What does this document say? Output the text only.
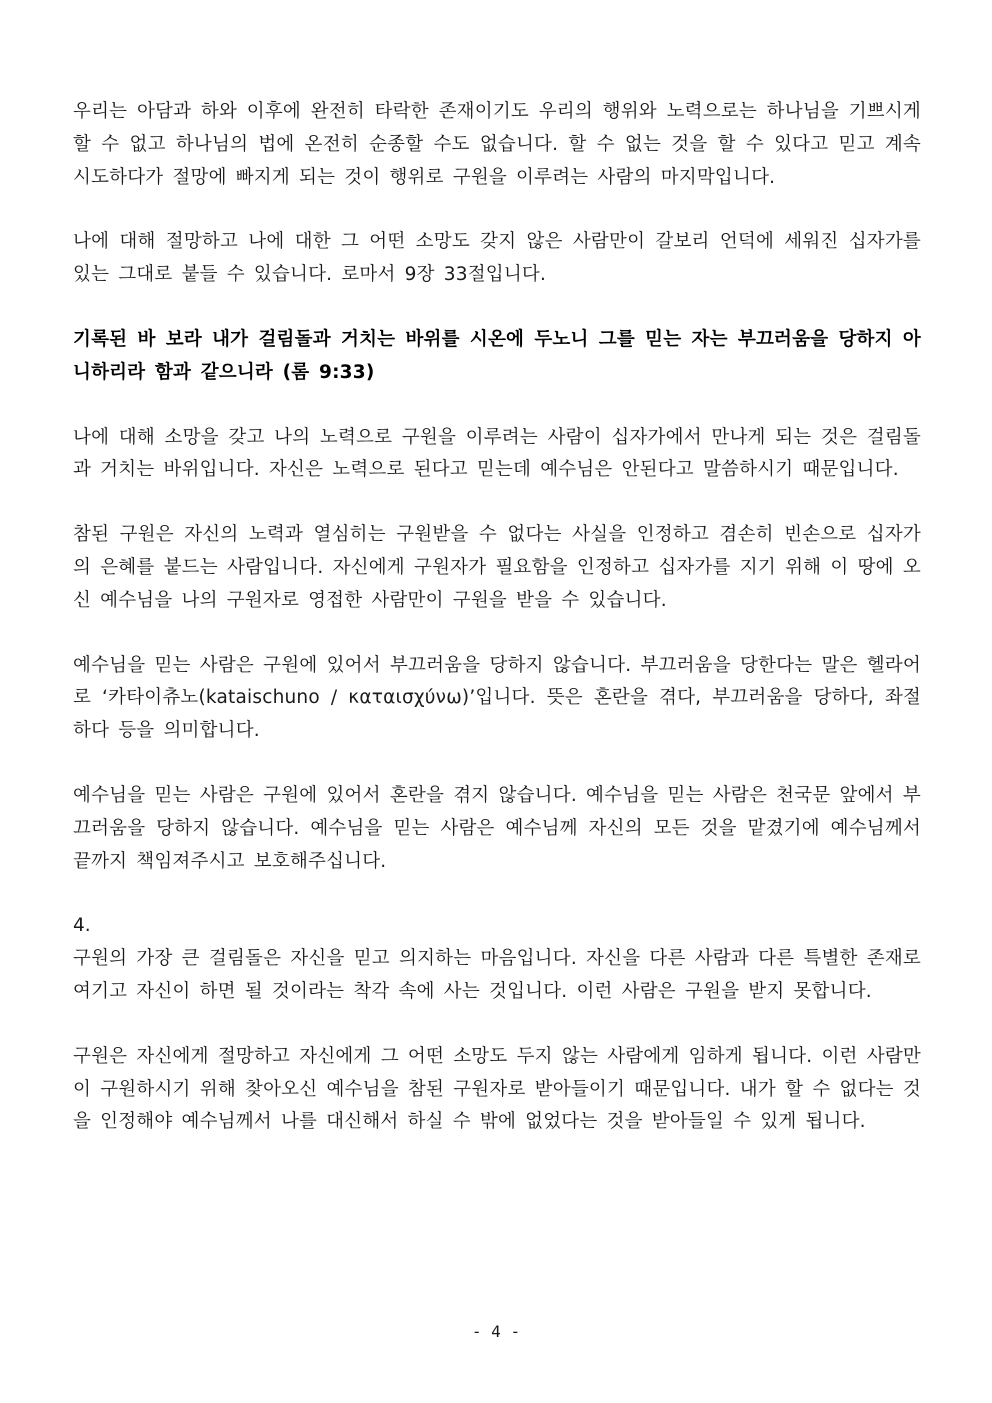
우리는 아담과 하와 이후에 완전히 타락한 존재이기도 우리의 행위와 노력으로는 하나님을 기쁘시게 할 수 없고 하나님의 법에 온전히 순종할 수도 없습니다. 할 수 없는 것을 할 수 있다고 믿고 계속 시도하다가 절망에 빠지게 되는 것이 행위로 구원을 이루려는 사람의 마지막입니다.

나에 대해 절망하고 나에 대한 그 어떤 소망도 갖지 않은 사람만이 갈보리 언덕에 세워진 십자가를 있는 그대로 붙들 수 있습니다. 로마서 9장 33절입니다.

기록된 바 보라 내가 걸림돌과 거치는 바위를 시온에 두노니 그를 믿는 자는 부끄러움을 당하지 아니하리라 함과 같으니라 (롬 9:33)

나에 대해 소망을 갖고 나의 노력으로 구원을 이루려는 사람이 십자가에서 만나게 되는 것은 걸림돌과 거치는 바위입니다. 자신은 노력으로 된다고 믿는데 예수님은 안된다고 말씀하시기 때문입니다.

참된 구원은 자신의 노력과 열심히는 구원받을 수 없다는 사실을 인정하고 겸손히 빈손으로 십자가의 은혜를 붙드는 사람입니다. 자신에게 구원자가 필요함을 인정하고 십자가를 지기 위해 이 땅에 오신 예수님을 나의 구원자로 영접한 사람만이 구원을 받을 수 있습니다.

예수님을 믿는 사람은 구원에 있어서 부끄러움을 당하지 않습니다. 부끄러움을 당한다는 말은 헬라어로 ‘카타이츄노(kataischuno / καταισχύνω)’입니다. 뜻은 혼란을 겪다, 부끄러움을 당하다, 좌절하다 등을 의미합니다.

예수님을 믿는 사람은 구원에 있어서 혼란을 겪지 않습니다. 예수님을 믿는 사람은 천국문 앞에서 부끄러움을 당하지 않습니다. 예수님을 믿는 사람은 예수님께 자신의 모든 것을 맡겼기에 예수님께서 끝까지 책임져주시고 보호해주십니다.

4.

구원의 가장 큰 걸림돌은 자신을 믿고 의지하는 마음입니다. 자신을 다른 사람과 다른 특별한 존재로 여기고 자신이 하면 될 것이라는 착각 속에 사는 것입니다. 이런 사람은 구원을 받지 못합니다.

구원은 자신에게 절망하고 자신에게 그 어떤 소망도 두지 않는 사람에게 임하게 됩니다. 이런 사람만이 구원하시기 위해 찾아오신 예수님을 참된 구원자로 받아들이기 때문입니다. 내가 할 수 없다는 것을 인정해야 예수님께서 나를 대신해서 하실 수 밖에 없었다는 것을 받아들일 수 있게 됩니다.

- 4 -
